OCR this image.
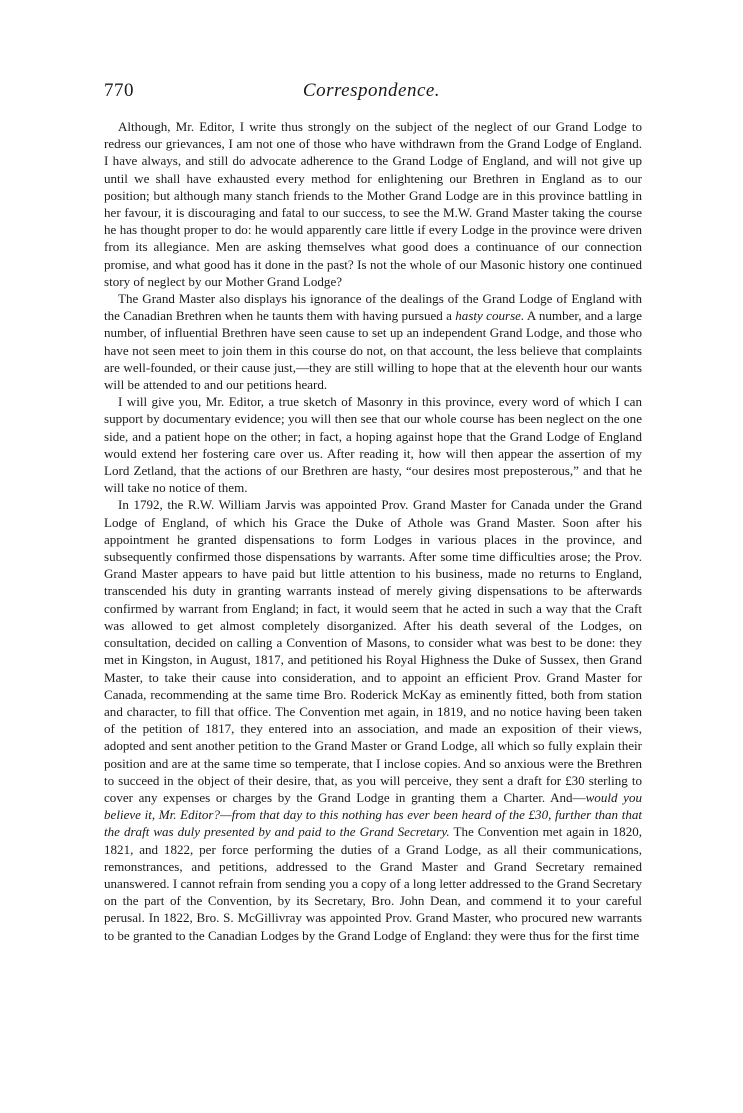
770	Correspondence.

Although, Mr. Editor, I write thus strongly on the subject of the neglect of our Grand Lodge to redress our grievances, I am not one of those who have withdrawn from the Grand Lodge of England. I have always, and still do advocate adherence to the Grand Lodge of England, and will not give up until we shall have exhausted every method for enlightening our Brethren in England as to our position; but although many stanch friends to the Mother Grand Lodge are in this province battling in her favour, it is discouraging and fatal to our success, to see the M.W. Grand Master taking the course he has thought proper to do: he would apparently care little if every Lodge in the province were driven from its allegiance. Men are asking themselves what good does a continuance of our connection promise, and what good has it done in the past? Is not the whole of our Masonic history one continued story of neglect by our Mother Grand Lodge?

The Grand Master also displays his ignorance of the dealings of the Grand Lodge of England with the Canadian Brethren when he taunts them with having pursued a hasty course. A number, and a large number, of influential Brethren have seen cause to set up an independent Grand Lodge, and those who have not seen meet to join them in this course do not, on that account, the less believe that complaints are well-founded, or their cause just,—they are still willing to hope that at the eleventh hour our wants will be attended to and our petitions heard.

I will give you, Mr. Editor, a true sketch of Masonry in this province, every word of which I can support by documentary evidence; you will then see that our whole course has been neglect on the one side, and a patient hope on the other; in fact, a hoping against hope that the Grand Lodge of England would extend her fostering care over us. After reading it, how will then appear the assertion of my Lord Zetland, that the actions of our Brethren are hasty, “our desires most preposterous,” and that he will take no notice of them.

In 1792, the R.W. William Jarvis was appointed Prov. Grand Master for Canada under the Grand Lodge of England, of which his Grace the Duke of Athole was Grand Master. Soon after his appointment he granted dispensations to form Lodges in various places in the province, and subsequently confirmed those dispensations by warrants. After some time difficulties arose; the Prov. Grand Master appears to have paid but little attention to his business, made no returns to England, transcended his duty in granting warrants instead of merely giving dispensations to be afterwards confirmed by warrant from England; in fact, it would seem that he acted in such a way that the Craft was allowed to get almost completely disorganized. After his death several of the Lodges, on consultation, decided on calling a Convention of Masons, to consider what was best to be done: they met in Kingston, in August, 1817, and petitioned his Royal Highness the Duke of Sussex, then Grand Master, to take their cause into consideration, and to appoint an efficient Prov. Grand Master for Canada, recommending at the same time Bro. Roderick McKay as eminently fitted, both from station and character, to fill that office. The Convention met again, in 1819, and no notice having been taken of the petition of 1817, they entered into an association, and made an exposition of their views, adopted and sent another petition to the Grand Master or Grand Lodge, all which so fully explain their position and are at the same time so temperate, that I inclose copies. And so anxious were the Brethren to succeed in the object of their desire, that, as you will perceive, they sent a draft for £30 sterling to cover any expenses or charges by the Grand Lodge in granting them a Charter. And—would you believe it, Mr. Editor?—from that day to this nothing has ever been heard of the £30, further than that the draft was duly presented by and paid to the Grand Secretary. The Convention met again in 1820, 1821, and 1822, per force performing the duties of a Grand Lodge, as all their communications, remonstrances, and petitions, addressed to the Grand Master and Grand Secretary remained unanswered. I cannot refrain from sending you a copy of a long letter addressed to the Grand Secretary on the part of the Convention, by its Secretary, Bro. John Dean, and commend it to your careful perusal. In 1822, Bro. S. McGillivray was appointed Prov. Grand Master, who procured new warrants to be granted to the Canadian Lodges by the Grand Lodge of England: they were thus for the first time
